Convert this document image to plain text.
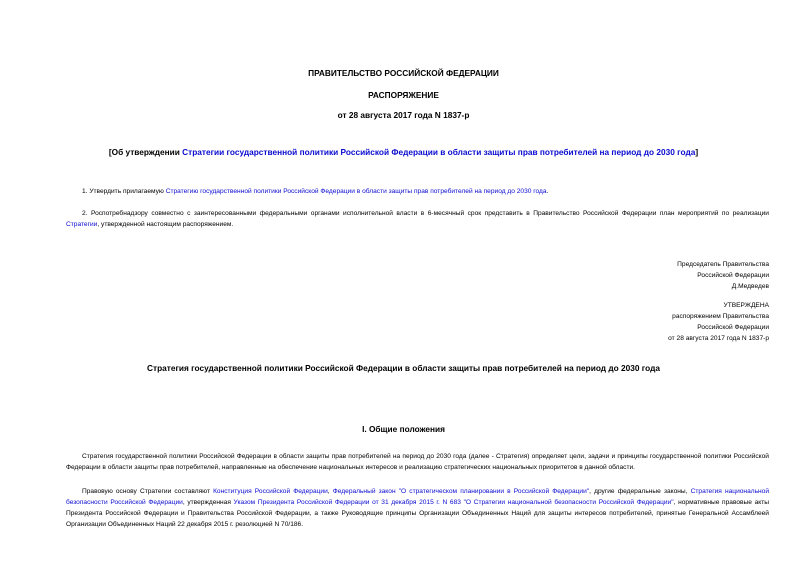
ПРАВИТЕЛЬСТВО РОССИЙСКОЙ ФЕДЕРАЦИИ
РАСПОРЯЖЕНИЕ
от 28 августа 2017 года N 1837-р
[Об утверждении Стратегии государственной политики Российской Федерации в области защиты прав потребителей на период до 2030 года]
1. Утвердить прилагаемую Стратегию государственной политики Российской Федерации в области защиты прав потребителей на период до 2030 года.
2. Роспотребнадзору совместно с заинтересованными федеральными органами исполнительной власти в 6-месячный срок представить в Правительство Российской Федерации план мероприятий по реализации Стратегии, утвержденной настоящим распоряжением.
Председатель Правительства
Российской Федерации
Д.Медведев
УТВЕРЖДЕНА
распоряжением Правительства
Российской Федерации
от 28 августа 2017 года N 1837-р
Стратегия государственной политики Российской Федерации в области защиты прав потребителей на период до 2030 года
I. Общие положения
Стратегия государственной политики Российской Федерации в области защиты прав потребителей на период до 2030 года (далее - Стратегия) определяет цели, задачи и принципы государственной политики Российской Федерации в области защиты прав потребителей, направленные на обеспечение национальных интересов и реализацию стратегических национальных приоритетов в данной области.
Правовую основу Стратегии составляют Конституция Российской Федерации, Федеральный закон "О стратегическом планировании в Российской Федерации", другие федеральные законы, Стратегия национальной безопасности Российской Федерации, утвержденная Указом Президента Российской Федерации от 31 декабря 2015 г. N 683 "О Стратегии национальной безопасности Российской Федерации", нормативные правовые акты Президента Российской Федерации и Правительства Российской Федерации, а также Руководящие принципы Организации Объединенных Наций для защиты интересов потребителей, принятые Генеральной Ассамблеей Организации Объединенных Наций 22 декабря 2015 г. резолюцией N 70/186.
